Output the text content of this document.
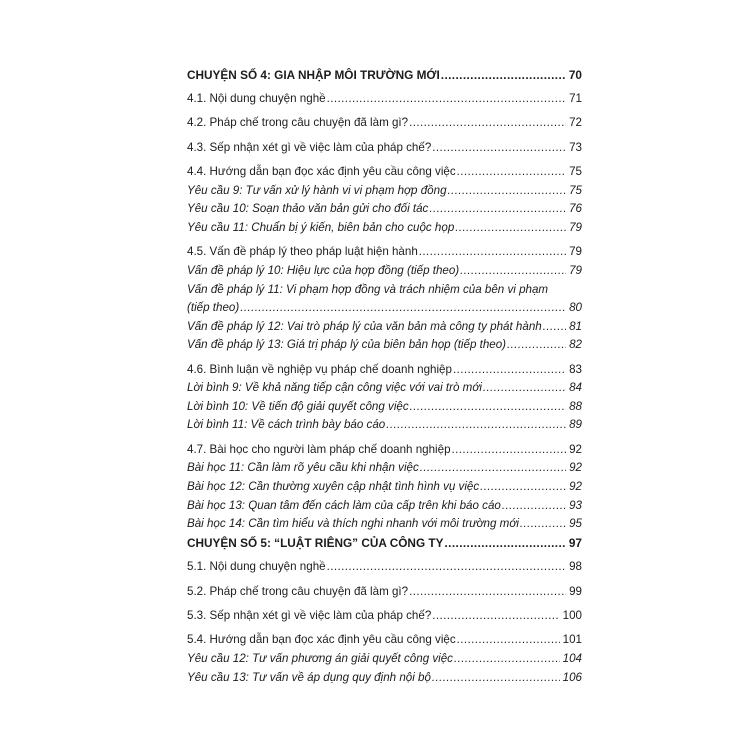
CHUYỆN SỐ 4: GIA NHẬP MÔI TRƯỜNG MỚI .....	70
4.1. Nội dung chuyện nghề .....	71
4.2. Pháp chế trong câu chuyện đã làm gì? .....	72
4.3. Sếp nhận xét gì về việc làm của pháp chế? .....	73
4.4. Hướng dẫn bạn đọc xác định yêu cầu công việc .....	75
Yêu cầu 9: Tư vấn xử lý hành vi vi phạm hợp đồng .....	75
Yêu cầu 10: Soạn thảo văn bản gửi cho đối tác .....	76
Yêu cầu 11: Chuẩn bị ý kiến, biên bản cho cuộc họp .....	79
4.5. Vấn đề pháp lý theo pháp luật hiện hành .....	79
Vấn đề pháp lý 10: Hiệu lực của hợp đồng (tiếp theo) .....	79
Vấn đề pháp lý 11: Vi phạm hợp đồng và trách nhiệm của bên vi phạm
(tiếp theo) .....	80
Vấn đề pháp lý 12: Vai trò pháp lý của văn bản mà công ty phát hành ..... 81
Vấn đề pháp lý 13: Giá trị pháp lý của biên bản họp (tiếp theo) .....	82
4.6. Bình luận về nghiệp vụ pháp chế doanh nghiệp .....	83
Lời bình 9: Về khả năng tiếp cận công việc với vai trò mới .....	84
Lời bình 10: Về tiến độ giải quyết công việc .....	88
Lời bình 11: Về cách trình bày báo cáo .....	89
4.7. Bài học cho người làm pháp chế doanh nghiệp .....	92
Bài học 11: Cần làm rõ yêu cầu khi nhận việc .....	92
Bài học 12: Cần thường xuyên cập nhật tình hình vụ việc .....	92
Bài học 13: Quan tâm đến cách làm của cấp trên khi báo cáo .....	93
Bài học 14: Cần tìm hiểu và thích nghi nhanh với môi trường mới .....	95
CHUYỆN SỐ 5: “LUẬT RIÊNG” CỦA CÔNG TY .....	97
5.1. Nội dung chuyện nghề .....	98
5.2. Pháp chế trong câu chuyện đã làm gì? .....	99
5.3. Sếp nhận xét gì về việc làm của pháp chế? .....	100
5.4. Hướng dẫn bạn đọc xác định yêu cầu công việc .....	101
Yêu cầu 12: Tư vấn phương án giải quyết công việc .....	104
Yêu cầu 13: Tư vấn về áp dụng quy định nội bộ .....	106
